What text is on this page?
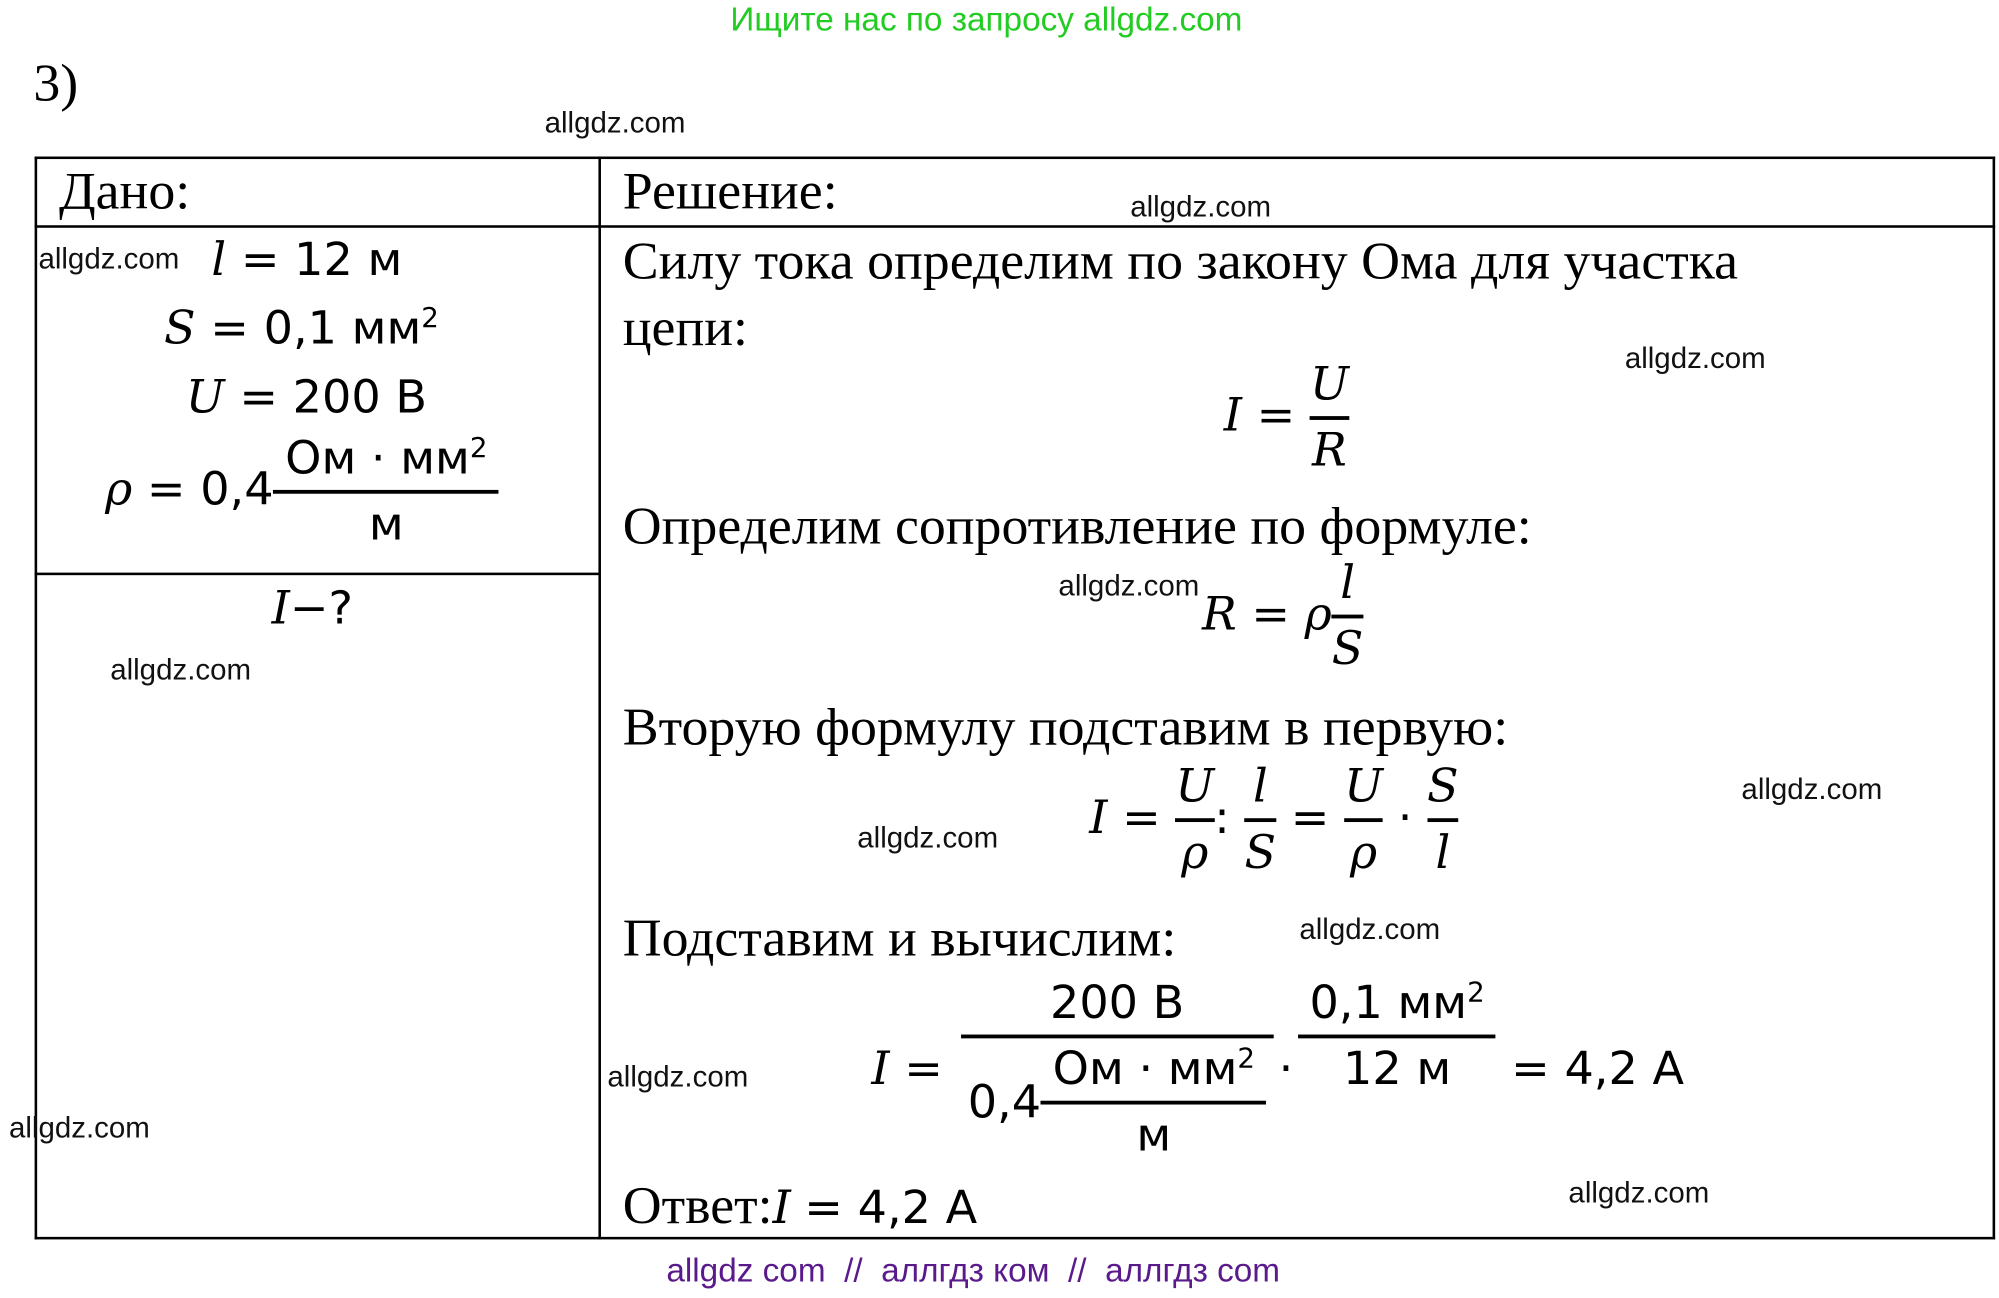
Ищите нас по запросу allgdz.com
3)
Дано:	Решение:
l = 12 м
S = 0,1 $мм^2$
U = 200 В
$\rho = 0,4 \frac{Ом \cdot мм^2}{м}$
I−?
Силу тока определим по закону Ома для участка
цепи:
$I = \frac{U}{R}$
Определим сопротивление по формуле:
R = ρ $\frac{l}{S}$
Вторую формулу подставим в первую:
$I = \frac{U}{\rho}$ : $\frac{l}{S} = \frac{U}{\rho} \cdot \frac{S}{l}$
Подставим и вычислим:
$I = \frac{200 В}{0,4 \frac{Ом \cdot мм^2}{м}} \cdot \frac{0,1 мм^2}{12 м} = 4,2$ А
Ответ:I = 4,2 А
allgdz.com
allgdz.com
allgdz.com
allgdz.com
allgdz.com
allgdz.com
allgdz.com
allgdz.com
allgdz.com
allgdz.com
allgdz.com
allgdz.com
allgdz com  //  аллгдз ком  //  аллгдз com
